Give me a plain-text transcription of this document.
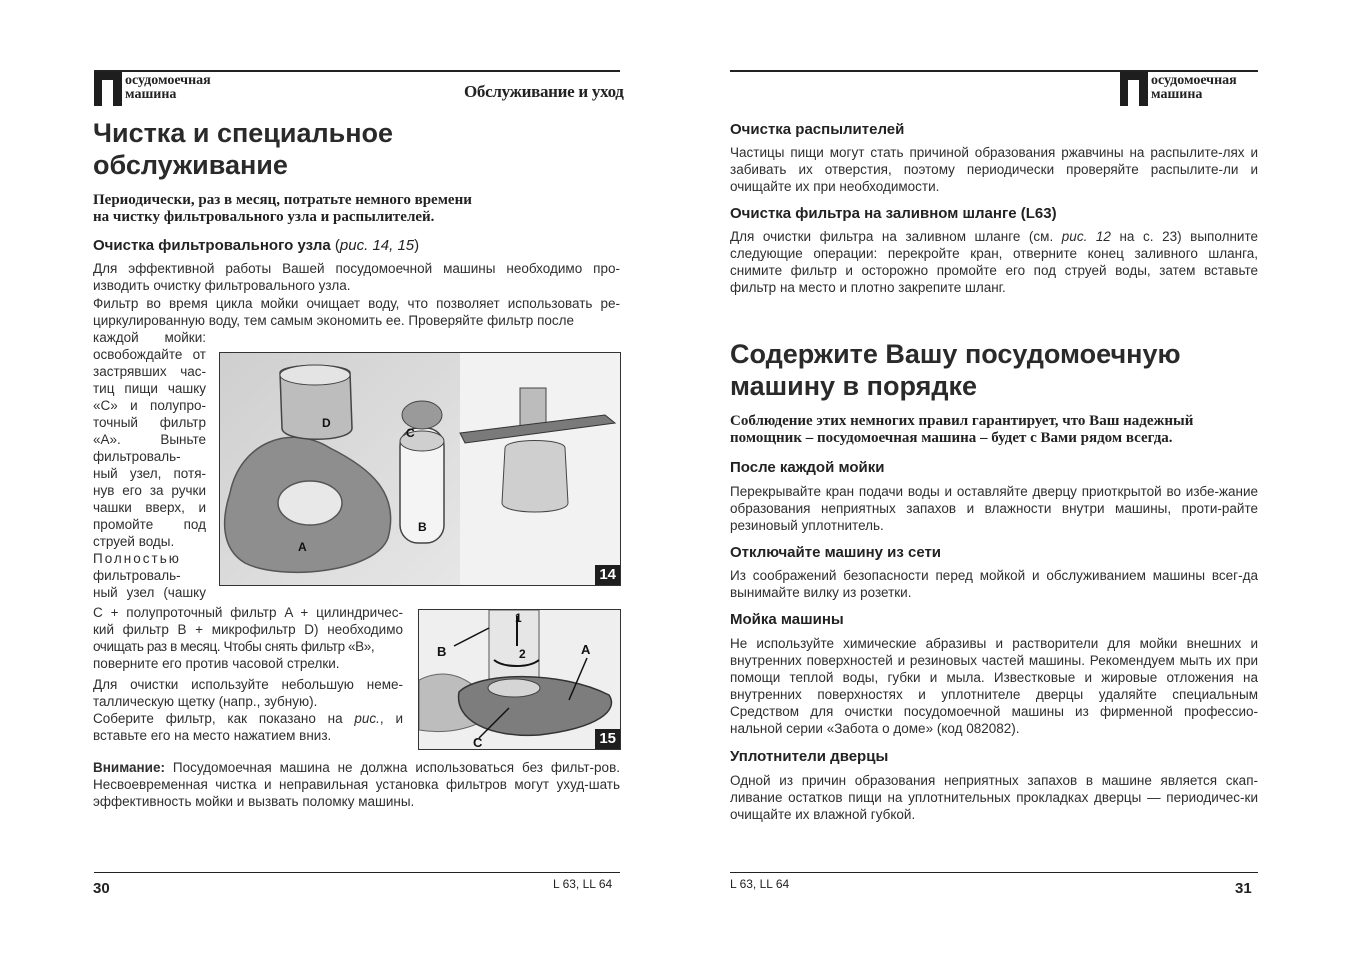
осудомоечная
машина	Обслуживание и уход
Чистка и специальное
обслуживание
Периодически, раз в месяц, потратьте немного времени
на чистку фильтровального узла и распылителей.
Очистка фильтровального узла (рис. 14, 15)
Для эффективной работы Вашей посудомоечной машины необходимо про-изводить очистку фильтровального узла.
Фильтр во время цикла мойки очищает воду, что позволяет использовать ре-циркулированную воду, тем самым экономить ее. Проверяйте фильтр после
каждой мойки:
освобождайте от
застрявших час-
тиц пищи чашку
«C» и полупро-
точный фильтр
«A». Выньте
фильтроваль-
ный узел, потя-
нув его за ручки
чашки вверх, и
промойте под
струей воды.
Полностью
фильтроваль-
ный узел (чашку
D
C
B
A
14
С + полупроточный фильтр A + цилиндричес-
кий фильтр B + микрофильтр D) необходимо
очищать раз в месяц. Чтобы снять фильтр «B»,
поверните его против часовой стрелки.
Для очистки используйте небольшую неме-
таллическую щетку (напр., зубную).
Соберите фильтр, как показано на рис., и
вставьте его на место нажатием вниз.
1
2
B	A
C	15
Внимание: Посудомоечная машина не должна использоваться без фильт-ров. Несвоевременная чистка и неправильная установка фильтров могут ухуд-шать эффективность мойки и вызвать поломку машины.
30	L 63, LL 64
осудомоечная
машина
Очистка распылителей
Частицы пищи могут стать причиной образования ржавчины на распылите-лях и забивать их отверстия, поэтому периодически проверяйте распылите-ли и очищайте их при необходимости.
Очистка фильтра на заливном шланге (L63)
Для очистки фильтра на заливном шланге (см. рис. 12 на с. 23) выполните следующие операции: перекройте кран, отверните конец заливного шланга, снимите фильтр и осторожно промойте его под струей воды, затем вставьте фильтр на место и плотно закрепите шланг.
Содержите Вашу посудомоечную
машину в порядке
Соблюдение этих немногих правил гарантирует, что Ваш надежный
помощник – посудомоечная машина – будет с Вами рядом всегда.
После каждой мойки
Перекрывайте кран подачи воды и оставляйте дверцу приоткрытой во избе-жание образования неприятных запахов и влажности внутри машины, проти-райте резиновый уплотнитель.
Отключайте машину из сети
Из соображений безопасности перед мойкой и обслуживанием машины всег-да вынимайте вилку из розетки.
Мойка машины
Не используйте химические абразивы и растворители для мойки внешних и внутренних поверхностей и резиновых частей машины. Рекомендуем мыть их при помощи теплой воды, губки и мыла. Известковые и жировые отложения на внутренних поверхностях и уплотнителе дверцы удаляйте специальным Средством для очистки посудомоечной машины из фирменной профессио-нальной серии «Забота о доме» (код 082082).
Уплотнители дверцы
Одной из причин образования неприятных запахов в машине является скап-ливание остатков пищи на уплотнительных прокладках дверцы — периодичес-ки очищайте их влажной губкой.
L 63, LL 64	31
